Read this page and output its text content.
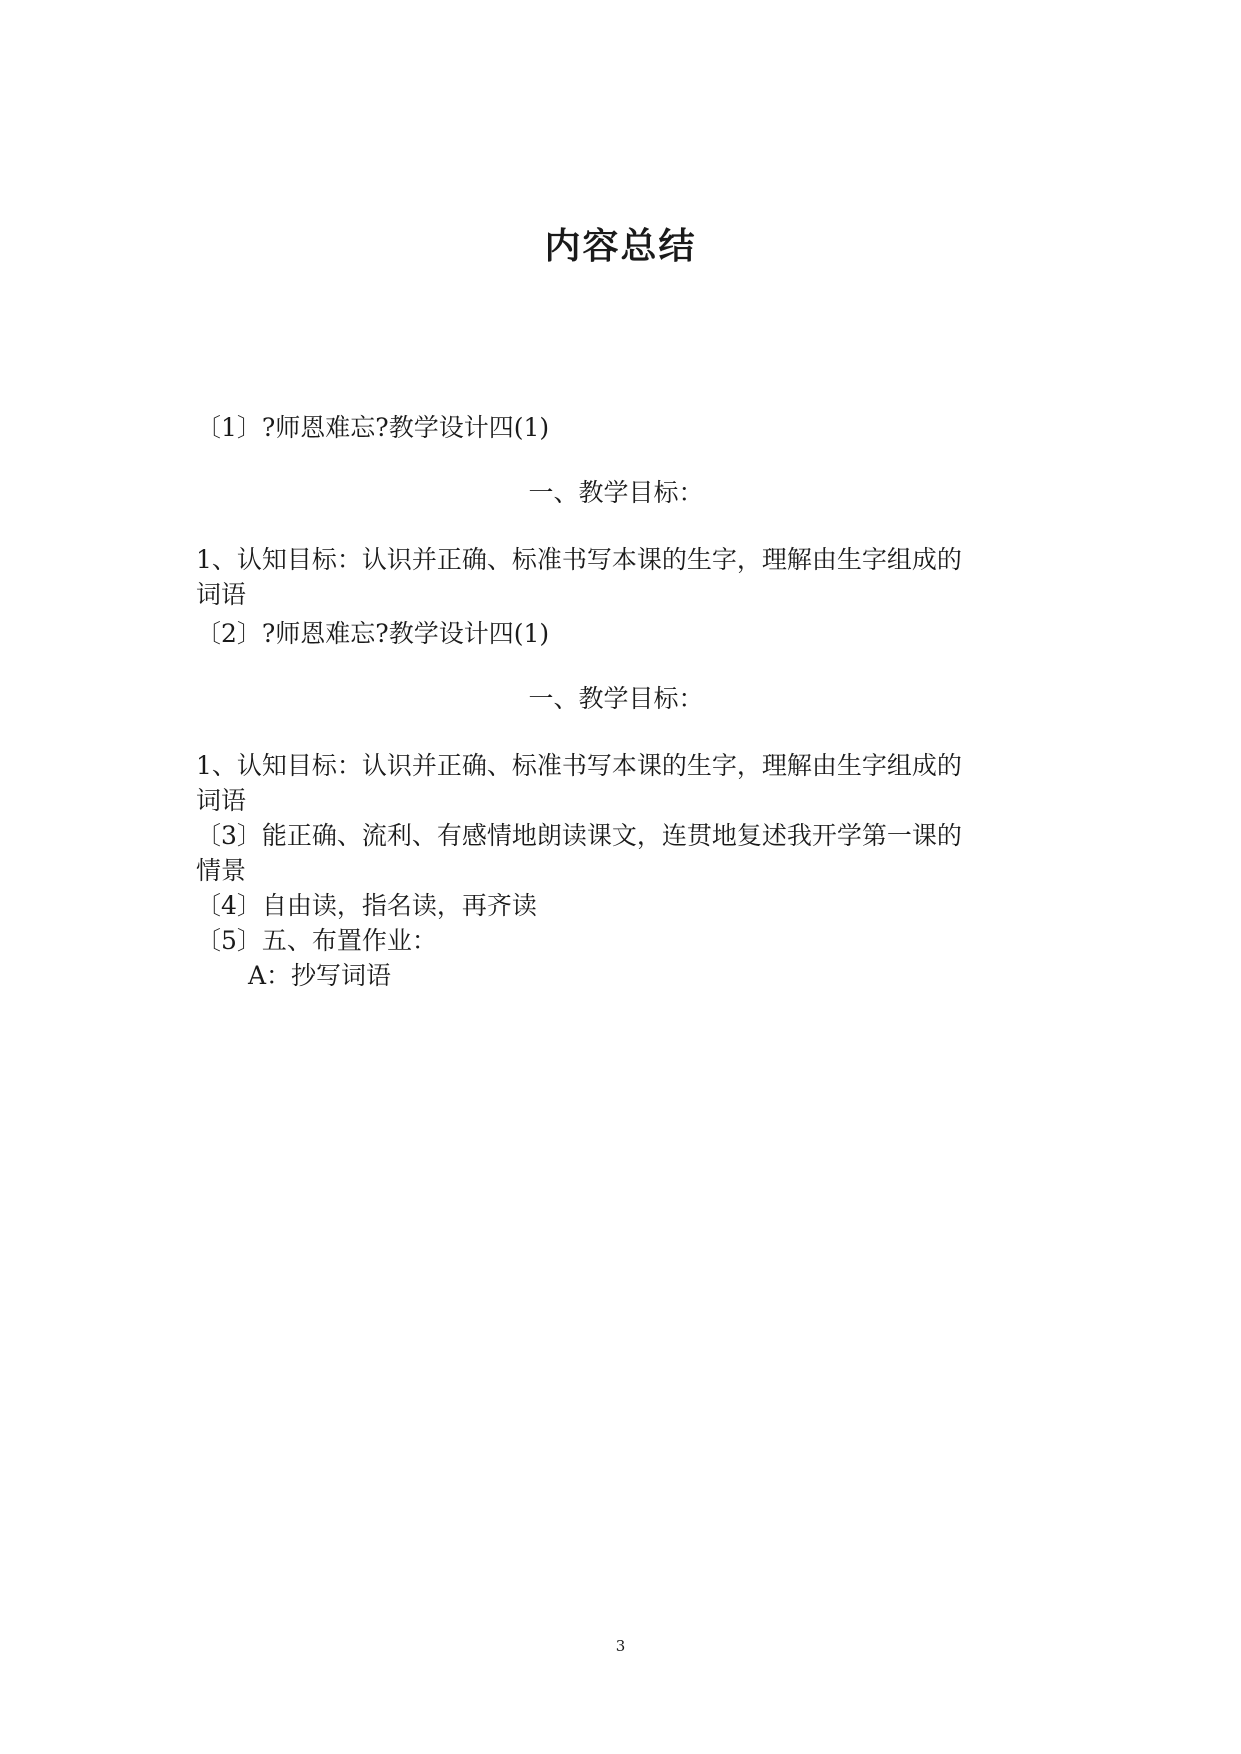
内容总结

〔1〕?师恩难忘?教学设计四(1)

一、教学目标：

1、认知目标：认识并正确、标准书写本课的生字，理解由生字组成的

词语

〔2〕?师恩难忘?教学设计四(1)

一、教学目标：

1、认知目标：认识并正确、标准书写本课的生字，理解由生字组成的

词语

〔3〕能正确、流利、有感情地朗读课文，连贯地复述我开学第一课的

情景

〔4〕自由读，指名读，再齐读

〔5〕五、布置作业：

A：抄写词语

3
